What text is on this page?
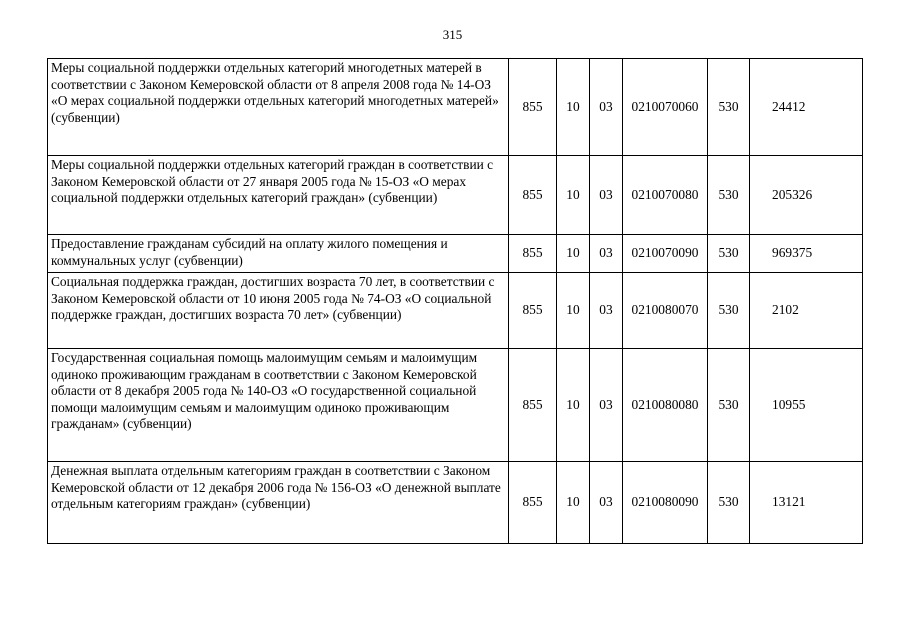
315
Меры социальной поддержки отдельных категорий многодетных матерей в соответствии с Законом Кемеровской области от 8 апреля 2008 года № 14-ОЗ «О мерах социальной поддержки отдельных категорий многодетных матерей» (субвенции)	855	10	03	0210070060	530	24412
Меры социальной поддержки отдельных категорий граждан в соответствии с Законом Кемеровской области от 27 января 2005 года № 15-ОЗ «О мерах социальной поддержки отдельных категорий граждан» (субвенции)	855	10	03	0210070080	530	205326
Предоставление гражданам субсидий на оплату жилого помещения и коммунальных услуг (субвенции)	855	10	03	0210070090	530	969375
Социальная поддержка граждан, достигших возраста 70 лет, в соответствии с Законом Кемеровской области от 10 июня 2005 года № 74-ОЗ «О социальной поддержке граждан, достигших возраста 70 лет» (субвенции)	855	10	03	0210080070	530	2102
Государственная социальная помощь малоимущим семьям и малоимущим одиноко проживающим гражданам в соответствии с Законом Кемеровской области от 8 декабря 2005 года № 140-ОЗ «О государственной социальной помощи малоимущим семьям и малоимущим одиноко проживающим гражданам» (субвенции)	855	10	03	0210080080	530	10955
Денежная выплата отдельным категориям граждан в соответствии с Законом Кемеровской области от 12 декабря 2006 года № 156-ОЗ «О денежной выплате отдельным категориям граждан» (субвенции)	855	10	03	0210080090	530	13121
